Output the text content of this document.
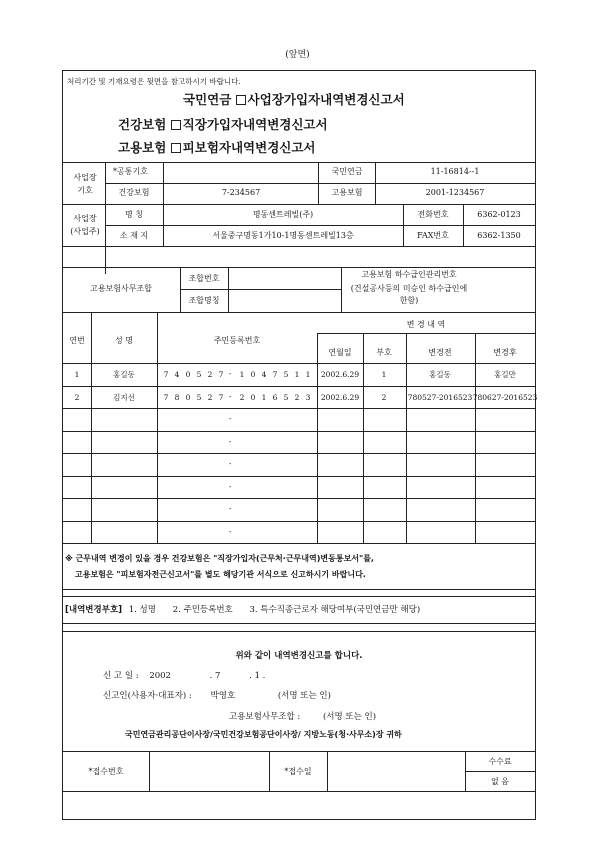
(앞면)
처리기간 및 기재요령은 뒷면을 참고하시기 바랍니다.
국민연금 사업장가입자내역변경신고서
건강보험 직장가입자내역변경신고서
고용보험 피보험자내역변경신고서
사업장 기호
*공통기호	국민연금	11-16814--1
건강보험	7-234567	고용보험	2001-1234567
사업장 (사업주)
명 칭	명동센트레빌(주)	전화번호	6362-0123
소 재 지	서울중구명동1가10-1명동센트레빌13층	FAX번호	6362-1350
고용보험사무조합
조합번호
조합명칭
고용보험 하수급인관리번호
(건설공사등의 미승인 하수급인에 한함)
연번	성 명	주민등록번호
변 경 내 역
연월일	부호	변경전	변경후
1	홍길동	7 4 0 5 2 7	1 0 4 7 5 1 1	2002.6.29	1	홍길동	홍길만
-
2	김지선	7 8 0 5 2 7	2 0 1 6 5 2 3	2002.6.29	2	780527-2016523 780627-2016523
-
-
-
-
-
-
-
※ 근무내역 변경이 있을 경우 건강보험은 "직장가입자(근무처·근무내역)변동통보서"를,
고용보험은 "피보험자전근신고서"를 별도 해당기관 서식으로 신고하시기 바랍니다.
[내역변경부호] 1. 성명 2. 주민등록번호 3. 특수직종근로자 해당여부(국민연금만 해당)
위와 같이 내역변경신고를 합니다.
신 고 일 : 2002	. 7	. 1 .
신고인(사용자·대표자) : 박영호	(서명 또는 인)
고용보험사무조합 :	(서명 또는 인)
국민연금관리공단이사장/국민건강보험공단이사장/ 지방노동(청·사무소)장 귀하
*접수번호	*접수일
수수료
없 음
